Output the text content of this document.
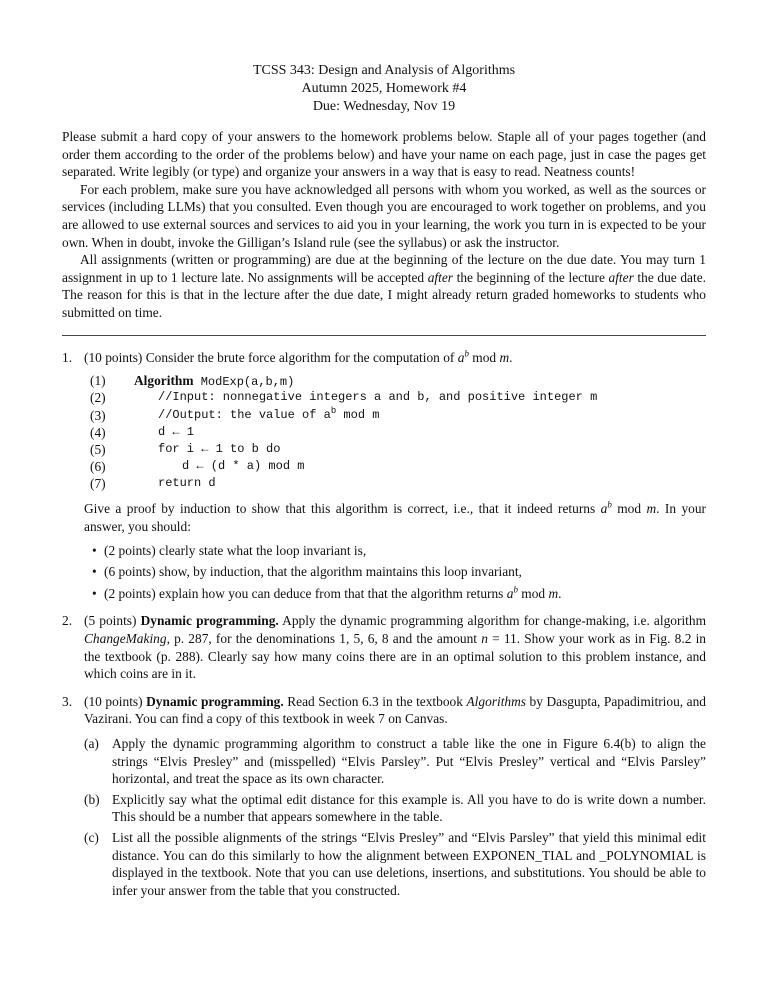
TCSS 343: Design and Analysis of Algorithms
Autumn 2025, Homework #4
Due: Wednesday, Nov 19

Please submit a hard copy of your answers to the homework problems below. Staple all of your pages together (and order them according to the order of the problems below) and have your name on each page, just in case the pages get separated. Write legibly (or type) and organize your answers in a way that is easy to read. Neatness counts!

For each problem, make sure you have acknowledged all persons with whom you worked, as well as the sources or services (including LLMs) that you consulted. Even though you are encouraged to work together on problems, and you are allowed to use external sources and services to aid you in your learning, the work you turn in is expected to be your own. When in doubt, invoke the Gilligan’s Island rule (see the syllabus) or ask the instructor.

All assignments (written or programming) are due at the beginning of the lecture on the due date. You may turn 1 assignment in up to 1 lecture late. No assignments will be accepted after the beginning of the lecture after the due date. The reason for this is that in the lecture after the due date, I might already return graded homeworks to students who submitted on time.

1. (10 points) Consider the brute force algorithm for the computation of $a^b$ mod m.

(1)	Algorithm ModExp(a,b,m)
(2)	//Input: nonnegative integers a and b, and positive integer m
(3)	//Output: the value of $a^b$ mod m
(4)	d ← 1
(5)	for i ← 1 to b do
(6)	d ← (d * a) mod m
(7)	return d

Give a proof by induction to show that this algorithm is correct, i.e., that it indeed returns $a^b$ mod m. In your answer, you should:

• (2 points) clearly state what the loop invariant is,
• (6 points) show, by induction, that the algorithm maintains this loop invariant,
• (2 points) explain how you can deduce from that that the algorithm returns $a^b$ mod m.
2. (5 points) Dynamic programming. Apply the dynamic programming algorithm for change-making, i.e. algorithm ChangeMaking, p. 287, for the denominations 1, 5, 6, 8 and the amount n = 11. Show your work as in Fig. 8.2 in the textbook (p. 288). Clearly say how many coins there are in an optimal solution to this problem instance, and which coins are in it.

3. (10 points) Dynamic programming. Read Section 6.3 in the textbook Algorithms by Dasgupta, Papadimitriou, and Vazirani. You can find a copy of this textbook in week 7 on Canvas.

(a) Apply the dynamic programming algorithm to construct a table like the one in Figure 6.4(b) to align the strings “Elvis Presley” and (misspelled) “Elvis Parsley”. Put “Elvis Presley” vertical and “Elvis Parsley” horizontal, and treat the space as its own character.

(b) Explicitly say what the optimal edit distance for this example is. All you have to do is write down a number. This should be a number that appears somewhere in the table.

(c) List all the possible alignments of the strings “Elvis Presley” and “Elvis Parsley” that yield this minimal edit distance. You can do this similarly to how the alignment between EXPONEN_TIAL and _POLYNOMIAL is displayed in the textbook. Note that you can use deletions, insertions, and substitutions. You should be able to infer your answer from the table that you constructed.
